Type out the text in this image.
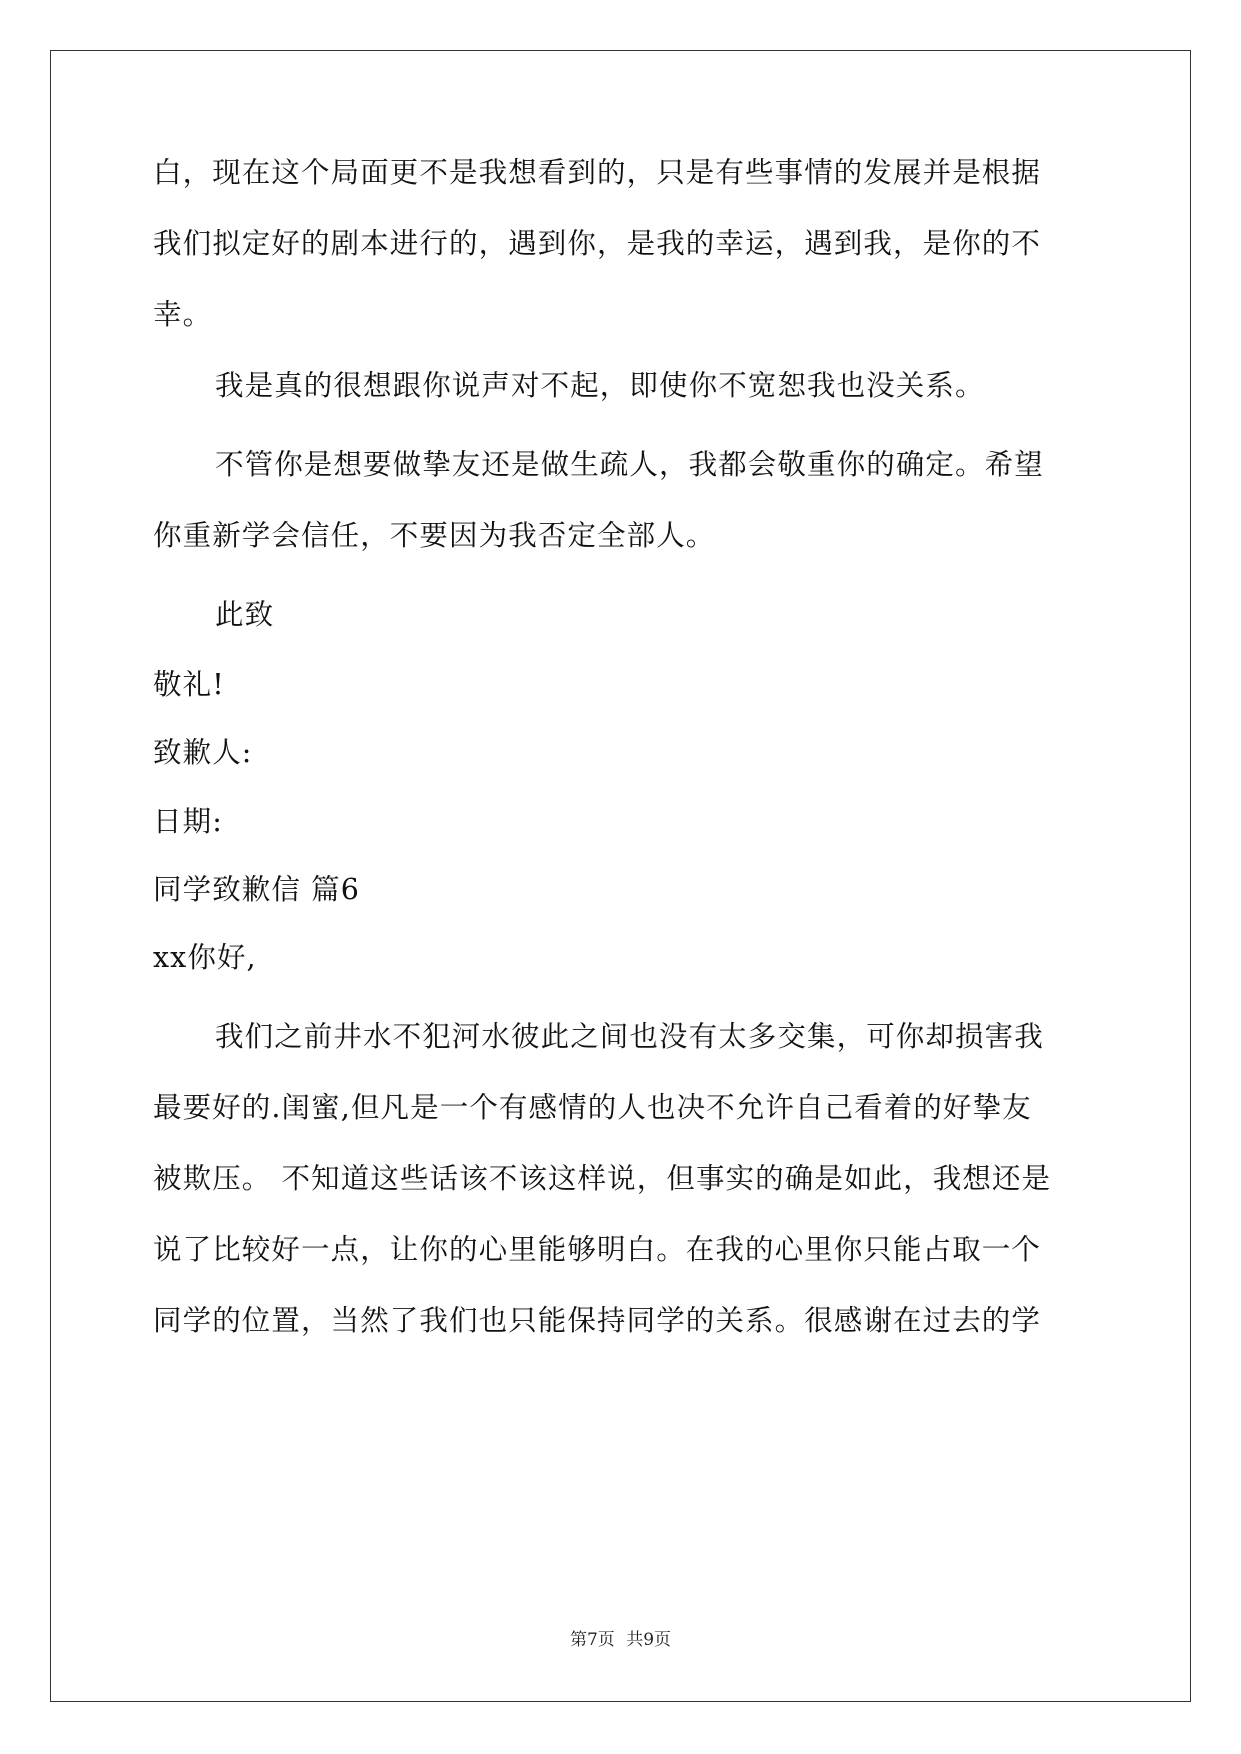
白，现在这个局面更不是我想看到的，只是有些事情的发展并是根据
我们拟定好的剧本进行的，遇到你，是我的幸运，遇到我，是你的不
幸。
我是真的很想跟你说声对不起，即使你不宽恕我也没关系。
不管你是想要做挚友还是做生疏人，我都会敬重你的确定。希望
你重新学会信任，不要因为我否定全部人。
此致
敬礼!
致歉人:
日期:
同学致歉信 篇6
xx你好,
我们之前井水不犯河水彼此之间也没有太多交集，可你却损害我
最要好的.闺蜜,但凡是一个有感情的人也决不允许自己看着的好挚友
被欺压。 不知道这些话该不该这样说，但事实的确是如此，我想还是
说了比较好一点，让你的心里能够明白。在我的心里你只能占取一个
同学的位置，当然了我们也只能保持同学的关系。很感谢在过去的学
第7页 共9页
